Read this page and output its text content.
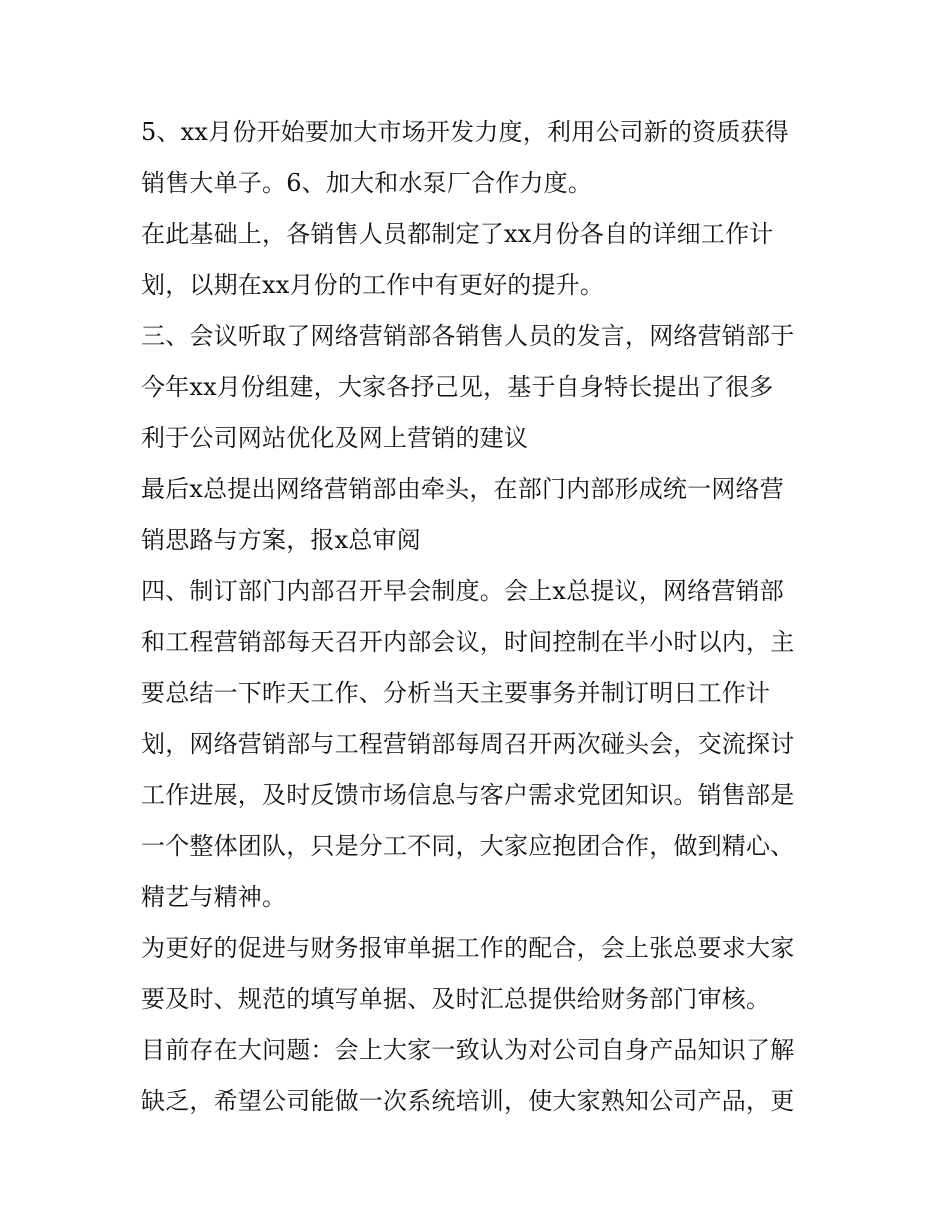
5、xx月份开始要加大市场开发力度，利用公司新的资质获得
销售大单子。6、加大和水泵厂合作力度。
在此基础上，各销售人员都制定了xx月份各自的详细工作计
划，以期在xx月份的工作中有更好的提升。
三、会议听取了网络营销部各销售人员的发言，网络营销部于
今年xx月份组建，大家各抒己见，基于自身特长提出了很多
利于公司网站优化及网上营销的建议
最后x总提出网络营销部由牵头，在部门内部形成统一网络营
销思路与方案，报x总审阅
四、制订部门内部召开早会制度。会上x总提议，网络营销部
和工程营销部每天召开内部会议，时间控制在半小时以内，主
要总结一下昨天工作、分析当天主要事务并制订明日工作计
划，网络营销部与工程营销部每周召开两次碰头会，交流探讨
工作进展，及时反馈市场信息与客户需求党团知识。销售部是
一个整体团队，只是分工不同，大家应抱团合作，做到精心、
精艺与精神。
为更好的促进与财务报审单据工作的配合，会上张总要求大家
要及时、规范的填写单据、及时汇总提供给财务部门审核。
目前存在大问题：会上大家一致认为对公司自身产品知识了解
缺乏，希望公司能做一次系统培训，使大家熟知公司产品，更
